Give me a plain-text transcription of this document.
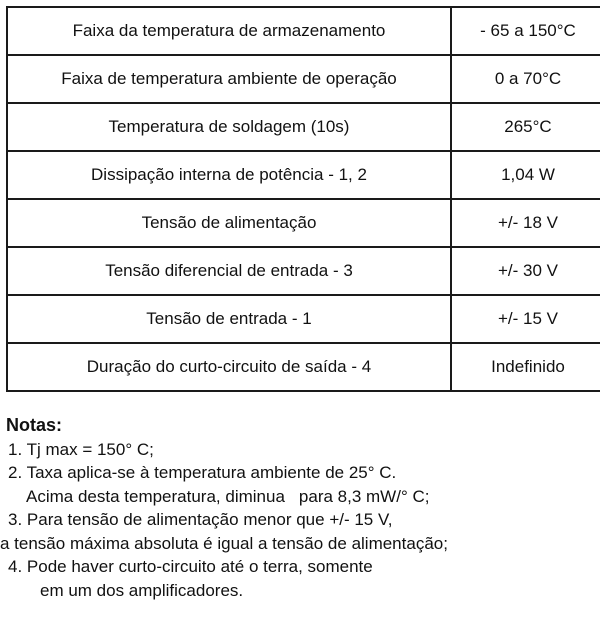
Faixa da temperatura de armazenamento	- 65 a 150°C
Faixa de temperatura ambiente de operação	0 a 70°C
Temperatura de soldagem (10s)	265°C
Dissipação interna de potência - 1, 2	1,04 W
Tensão de alimentação	+/- 18 V
Tensão diferencial de entrada - 3	+/- 30 V
Tensão de entrada - 1	+/- 15 V
Duração do curto-circuito de saída - 4	Indefinido
Notas:
1. Tj max = 150° C;
2. Taxa aplica-se à temperatura ambiente de 25° C.
Acima desta temperatura, diminua para 8,3 mW/° C;
3. Para tensão de alimentação menor que +/- 15 V,
a tensão máxima absoluta é igual a tensão de alimentação;
4. Pode haver curto-circuito até o terra, somente
em um dos amplificadores.
